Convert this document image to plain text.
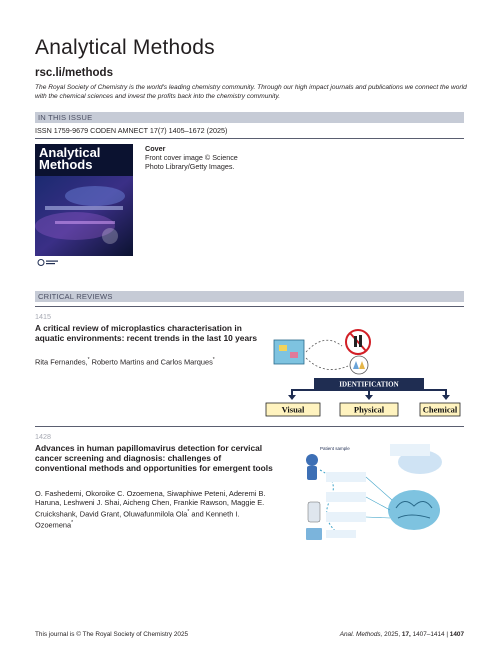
Analytical Methods
rsc.li/methods
The Royal Society of Chemistry is the world's leading chemistry community. Through our high impact journals and publications we connect the world with the chemical sciences and invest the profits back into the chemistry community.
IN THIS ISSUE
ISSN 1759-9679 CODEN AMNECT 17(7) 1405–1672 (2025)
Analytical
Methods
Cover
Front cover image © Science Photo Library/Getty Images.
CRITICAL REVIEWS
1415
A critical review of microplastics characterisation in aquatic environments: recent trends in the last 10 years
Rita Fernandes,* Roberto Martins and Carlos Marques*
IDENTIFICATION
Visual	Physical	Chemical
1428
Advances in human papillomavirus detection for cervical cancer screening and diagnosis: challenges of conventional methods and opportunities for emergent tools
O. Fashedemi, Okoroike C. Ozoemena, Siwaphiwe Peteni, Aderemi B. Haruna, Leshweni J. Shai, Aicheng Chen, Frankie Rawson, Maggie E. Cruickshank, David Grant, Oluwafunmilola Ola* and Kenneth I. Ozoemena*
Patient sample
This journal is © The Royal Society of Chemistry 2025	Anal. Methods, 2025, 17, 1407–1414 | 1407
